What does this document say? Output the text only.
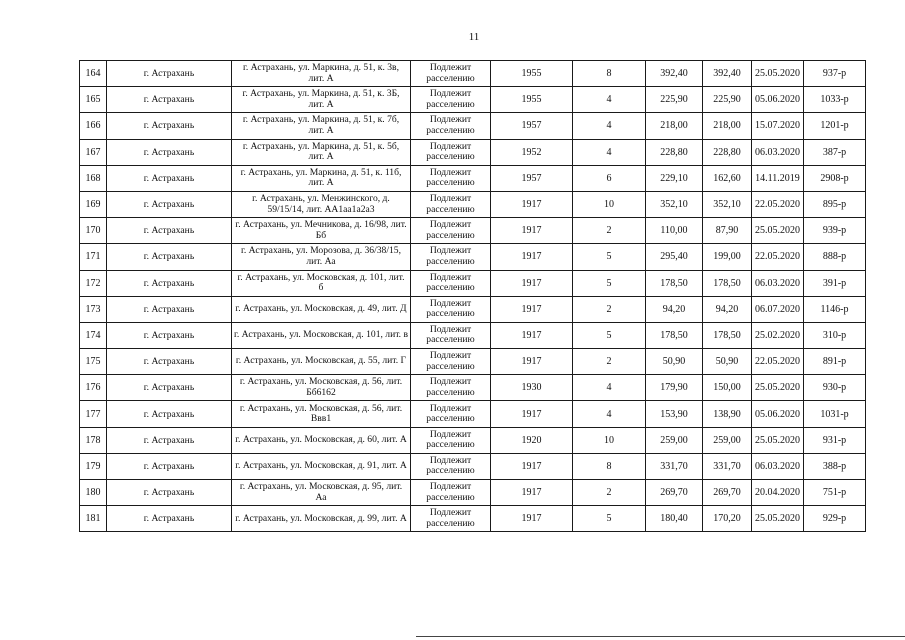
11
164	г. Астрахань	г. Астрахань, ул. Маркина, д. 51, к. 3в, лит. А	Подлежит расселению	1955	8	392,40	392,40	25.05.2020	937-р
165	г. Астрахань	г. Астрахань, ул. Маркина, д. 51, к. 3Б, лит. А	Подлежит расселению	1955	4	225,90	225,90	05.06.2020	1033-р
166	г. Астрахань	г. Астрахань, ул. Маркина, д. 51, к. 7б, лит. А	Подлежит расселению	1957	4	218,00	218,00	15.07.2020	1201-р
167	г. Астрахань	г. Астрахань, ул. Маркина, д. 51, к. 5б, лит. А	Подлежит расселению	1952	4	228,80	228,80	06.03.2020	387-р
168	г. Астрахань	г. Астрахань, ул. Маркина, д. 51, к. 11б, лит. А	Подлежит расселению	1957	6	229,10	162,60	14.11.2019	2908-р
169	г. Астрахань	г. Астрахань, ул. Менжинского, д. 59/15/14, лит. АА1аа1а2а3	Подлежит расселению	1917	10	352,10	352,10	22.05.2020	895-р
170	г. Астрахань	г. Астрахань, ул. Мечникова, д. 16/98, лит. Бб	Подлежит расселению	1917	2	110,00	87,90	25.05.2020	939-р
171	г. Астрахань	г. Астрахань, ул. Морозова, д. 36/38/15, лит. Аа	Подлежит расселению	1917	5	295,40	199,00	22.05.2020	888-р
172	г. Астрахань	г. Астрахань, ул. Московская, д. 101, лит. б	Подлежит расселению	1917	5	178,50	178,50	06.03.2020	391-р
173	г. Астрахань	г. Астрахань, ул. Московская, д. 49, лит. Д	Подлежит расселению	1917	2	94,20	94,20	06.07.2020	1146-р
174	г. Астрахань	г. Астрахань, ул. Московская, д. 101, лит. в	Подлежит расселению	1917	5	178,50	178,50	25.02.2020	310-р
175	г. Астрахань	г. Астрахань, ул. Московская, д. 55, лит. Г	Подлежит расселению	1917	2	50,90	50,90	22.05.2020	891-р
176	г. Астрахань	г. Астрахань, ул. Московская, д. 56, лит. Бб6162	Подлежит расселению	1930	4	179,90	150,00	25.05.2020	930-р
177	г. Астрахань	г. Астрахань, ул. Московская, д. 56, лит. Ввв1	Подлежит расселению	1917	4	153,90	138,90	05.06.2020	1031-р
178	г. Астрахань	г. Астрахань, ул. Московская, д. 60, лит. А	Подлежит расселению	1920	10	259,00	259,00	25.05.2020	931-р
179	г. Астрахань	г. Астрахань, ул. Московская, д. 91, лит. А	Подлежит расселению	1917	8	331,70	331,70	06.03.2020	388-р
180	г. Астрахань	г. Астрахань, ул. Московская, д. 95, лит. Аа	Подлежит расселению	1917	2	269,70	269,70	20.04.2020	751-р
181	г. Астрахань	г. Астрахань, ул. Московская, д. 99, лит. А	Подлежит расселению	1917	5	180,40	170,20	25.05.2020	929-р
